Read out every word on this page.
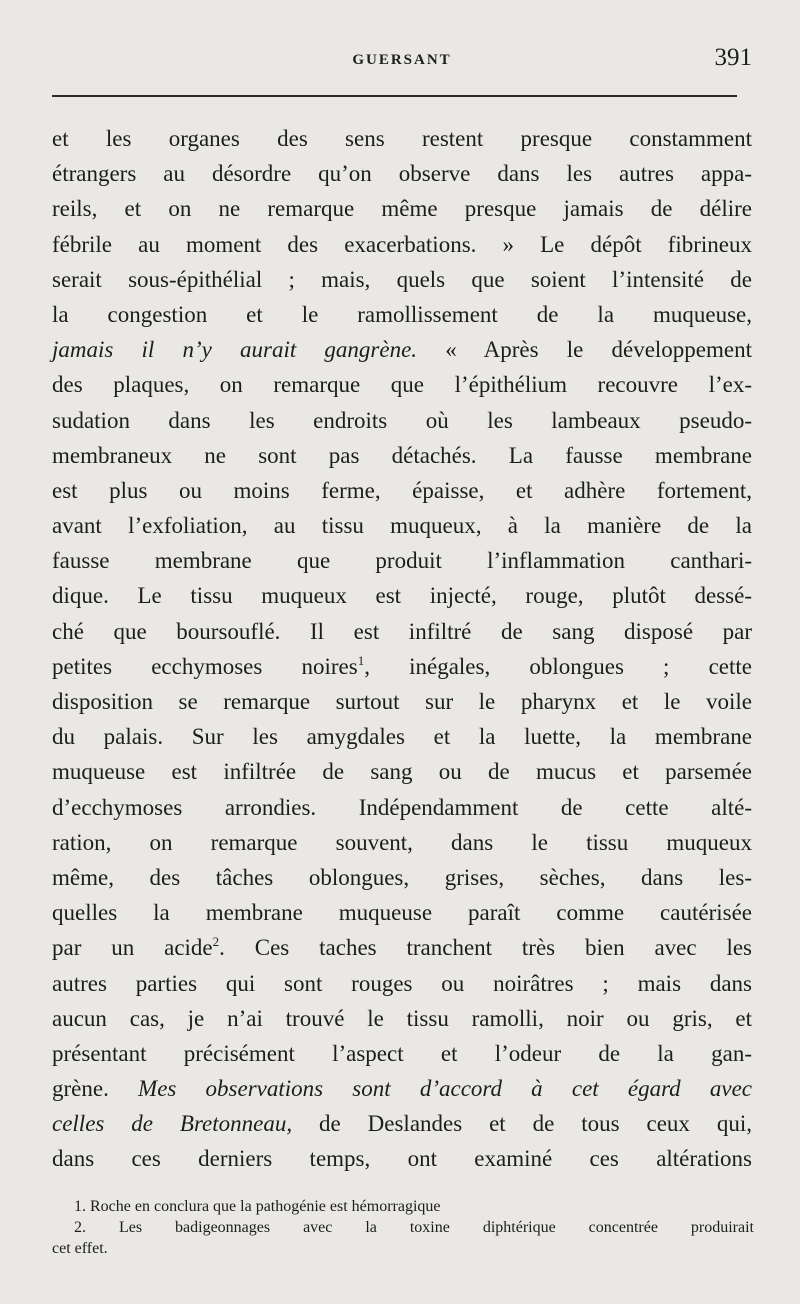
GUERSANT	391
et les organes des sens restent presque constamment
étrangers au désordre qu’on observe dans les autres appa-
reils, et on ne remarque même presque jamais de délire
fébrile au moment des exacerbations. » Le dépôt fibrineux
serait sous-épithélial ; mais, quels que soient l’intensité de
la congestion et le ramollissement de la muqueuse,
jamais il n’y aurait gangrène. « Après le développement
des plaques, on remarque que l’épithélium recouvre l’ex-
sudation dans les endroits où les lambeaux pseudo-
membraneux ne sont pas détachés. La fausse membrane
est plus ou moins ferme, épaisse, et adhère fortement,
avant l’exfoliation, au tissu muqueux, à la manière de la
fausse membrane que produit l’inflammation canthari-
dique. Le tissu muqueux est injecté, rouge, plutôt dessé-
ché que boursouflé. Il est infiltré de sang disposé par
petites ecchymoses noires$^1$, inégales, oblongues ; cette
disposition se remarque surtout sur le pharynx et le voile
du palais. Sur les amygdales et la luette, la membrane
muqueuse est infiltrée de sang ou de mucus et parsemée
d’ecchymoses arrondies. Indépendamment de cette alté-
ration, on remarque souvent, dans le tissu muqueux
même, des tâches oblongues, grises, sèches, dans les-
quelles la membrane muqueuse paraît comme cautérisée
par un acide$^2$. Ces taches tranchent très bien avec les
autres parties qui sont rouges ou noirâtres ; mais dans
aucun cas, je n’ai trouvé le tissu ramolli, noir ou gris, et
présentant précisément l’aspect et l’odeur de la gan-
grène. Mes observations sont d’accord à cet égard avec
celles de Bretonneau, de Deslandes et de tous ceux qui,
dans ces derniers temps, ont examiné ces altérations
1. Roche en conclura que la pathogénie est hémorragique
2. Les badigeonnages avec la toxine diphtérique concentrée produirait
cet effet.
